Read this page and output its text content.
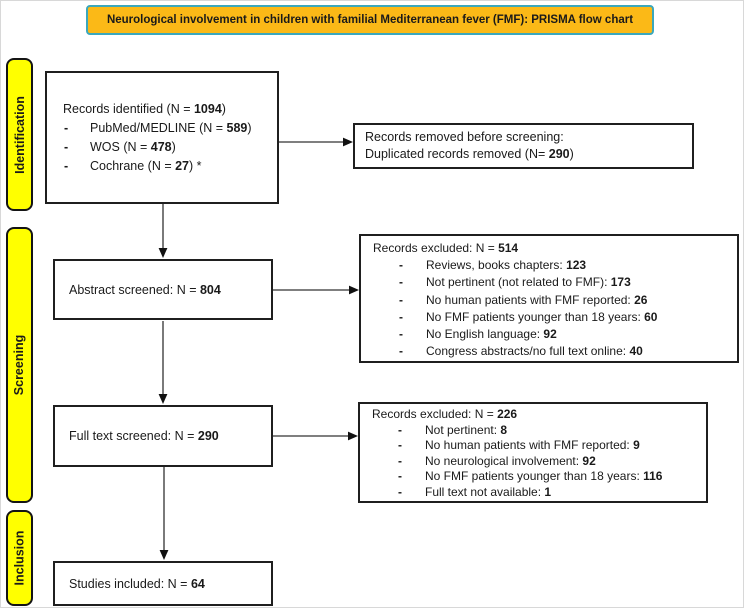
Neurological involvement in children with familial Mediterranean fever (FMF): PRISMA flow chart
Identification
Screening
Inclusion
Records identified (N = 1094)
-	PubMed/MEDLINE (N = 589)
-	WOS (N = 478)
-	Cochrane (N = 27) *
Records removed before screening:
Duplicated records removed (N= 290)
Abstract screened: N = 804
Records excluded: N = 514
-	Reviews, books chapters: 123
-	Not pertinent (not related to FMF): 173
-	No human patients with FMF reported: 26
-	No FMF patients younger than 18 years: 60
-	No English language: 92
-	Congress abstracts/no full text online: 40
Full text screened: N = 290
Records excluded: N = 226
-	Not pertinent: 8
-	No human patients with FMF reported: 9
-	No neurological involvement: 92
-	No FMF patients younger than 18 years: 116
-	Full text not available: 1
Studies included: N = 64
